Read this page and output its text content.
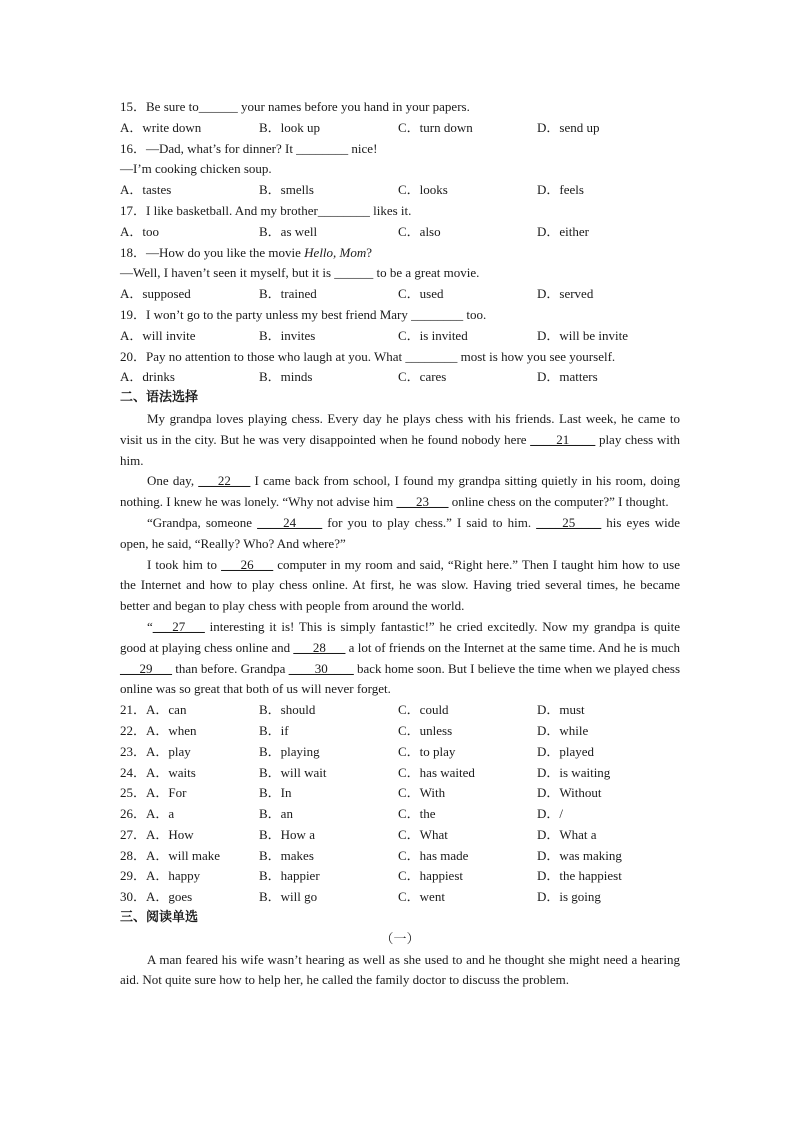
15．Be sure to______ your names before you hand in your papers.
A．write down	B．look up	C．turn down	D．send up
16．—Dad, what’s for dinner? It ________ nice!
—I’m cooking chicken soup.
A．tastes	B．smells	C．looks	D．feels
17．I like basketball. And my brother________ likes it.
A．too	B．as well	C．also	D．either
18．—How do you like the movie Hello, Mom?
—Well, I haven’t seen it myself, but it is ______ to be a great movie.
A．supposed	B．trained	C．used	D．served
19．I won’t go to the party unless my best friend Mary ________ too.
A．will invite	B．invites	C．is invited	D．will be invite
20．Pay no attention to those who laugh at you. What ________ most is how you see yourself.
A．drinks	B．minds	C．cares	D．matters
二、语法选择
My grandpa loves playing chess. Every day he plays chess with his friends. Last week, he came to visit us in the city. But he was very disappointed when he found nobody here ____21____ play chess with him.
One day, ___22___ I came back from school, I found my grandpa sitting quietly in his room, doing nothing. I knew he was lonely. “Why not advise him ___23___ online chess on the computer?” I thought.
“Grandpa, someone ____24____ for you to play chess.” I said to him. ____25____ his eyes wide open, he said, “Really? Who? And where?”
I took him to ___26___ computer in my room and said, “Right here.” Then I taught him how to use the Internet and how to play chess online. At first, he was slow. Having tried several times, he became better and began to play chess with people from around the world.
“___27___ interesting it is! This is simply fantastic!” he cried excitedly. Now my grandpa is quite good at playing chess online and ___28___ a lot of friends on the Internet at the same time. And he is much ___29___ than before. Grandpa ____30____ back home soon. But I believe the time when we played chess online was so great that both of us will never forget.
21．A．can	B．should	C．could	D．must
22．A．when	B．if	C．unless	D．while
23．A．play	B．playing	C．to play	D．played
24．A．waits	B．will wait	C．has waited	D．is waiting
25．A．For	B．In	C．With	D．Without
26．A．a	B．an	C．the	D．/
27．A．How	B．How a	C．What	D．What a
28．A．will make	B．makes	C．has made	D．was making
29．A．happy	B．happier	C．happiest	D．the happiest
30．A．goes	B．will go	C．went	D．is going
三、阅读单选
（一）
A man feared his wife wasn’t hearing as well as she used to and he thought she might need a hearing aid. Not quite sure how to help her, he called the family doctor to discuss the problem.
